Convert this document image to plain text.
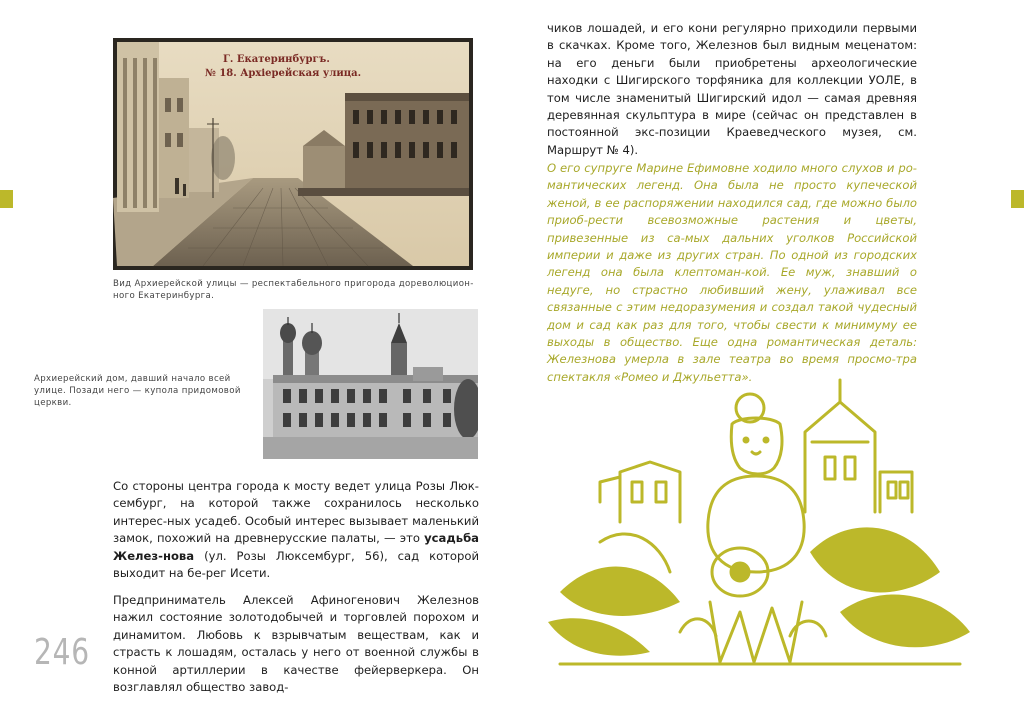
Г. Екатеринбургъ.
№ 18. Архіерейская улица.

Вид Архиерейской улицы — респектабельного пригорода дореволюцион-ного Екатеринбурга.

Архиерейский дом, давший начало всей улице. Позади него — купола придомовой церкви.

Со стороны центра города к мосту ведет улица Розы Люк-сембург, на которой также сохранилось несколько интерес-ных усадеб. Особый интерес вызывает маленький замок, похожий на древнерусские палаты, — это усадьба Желез-нова (ул. Розы Люксембург, 56), сад которой выходит на бе-рег Исети.

Предприниматель Алексей Афиногенович Железнов нажил состояние золотодобычей и торговлей порохом и динамитом. Любовь к взрывчатым веществам, как и страсть к лошадям, осталась у него от военной службы в конной артиллерии в качестве фейерверкера. Он возглавлял общество завод-

246

чиков лошадей, и его кони регулярно приходили первыми в скачках. Кроме того, Железнов был видным меценатом: на его деньги были приобретены археологические находки с Шигирского торфяника для коллекции УОЛЕ, в том числе знаменитый Шигирский идол — самая древняя деревянная скульптура в мире (сейчас он представлен в постоянной экс-позиции Краеведческого музея, см. Маршрут № 4).

О его супруге Марине Ефимовне ходило много слухов и ро-мантических легенд. Она была не просто купеческой женой, в ее распоряжении находился сад, где можно было приоб-рести всевозможные растения и цветы, привезенные из са-мых дальних уголков Российской империи и даже из других стран. По одной из городских легенд она была клептоман-кой. Ее муж, знавший о недуге, но страстно любивший жену, улаживал все связанные с этим недоразумения и создал такой чудесный дом и сад как раз для того, чтобы свести к минимуму ее выходы в общество. Еще одна романтическая деталь: Железнова умерла в зале театра во время просмо-тра спектакля «Ромео и Джульетта».
